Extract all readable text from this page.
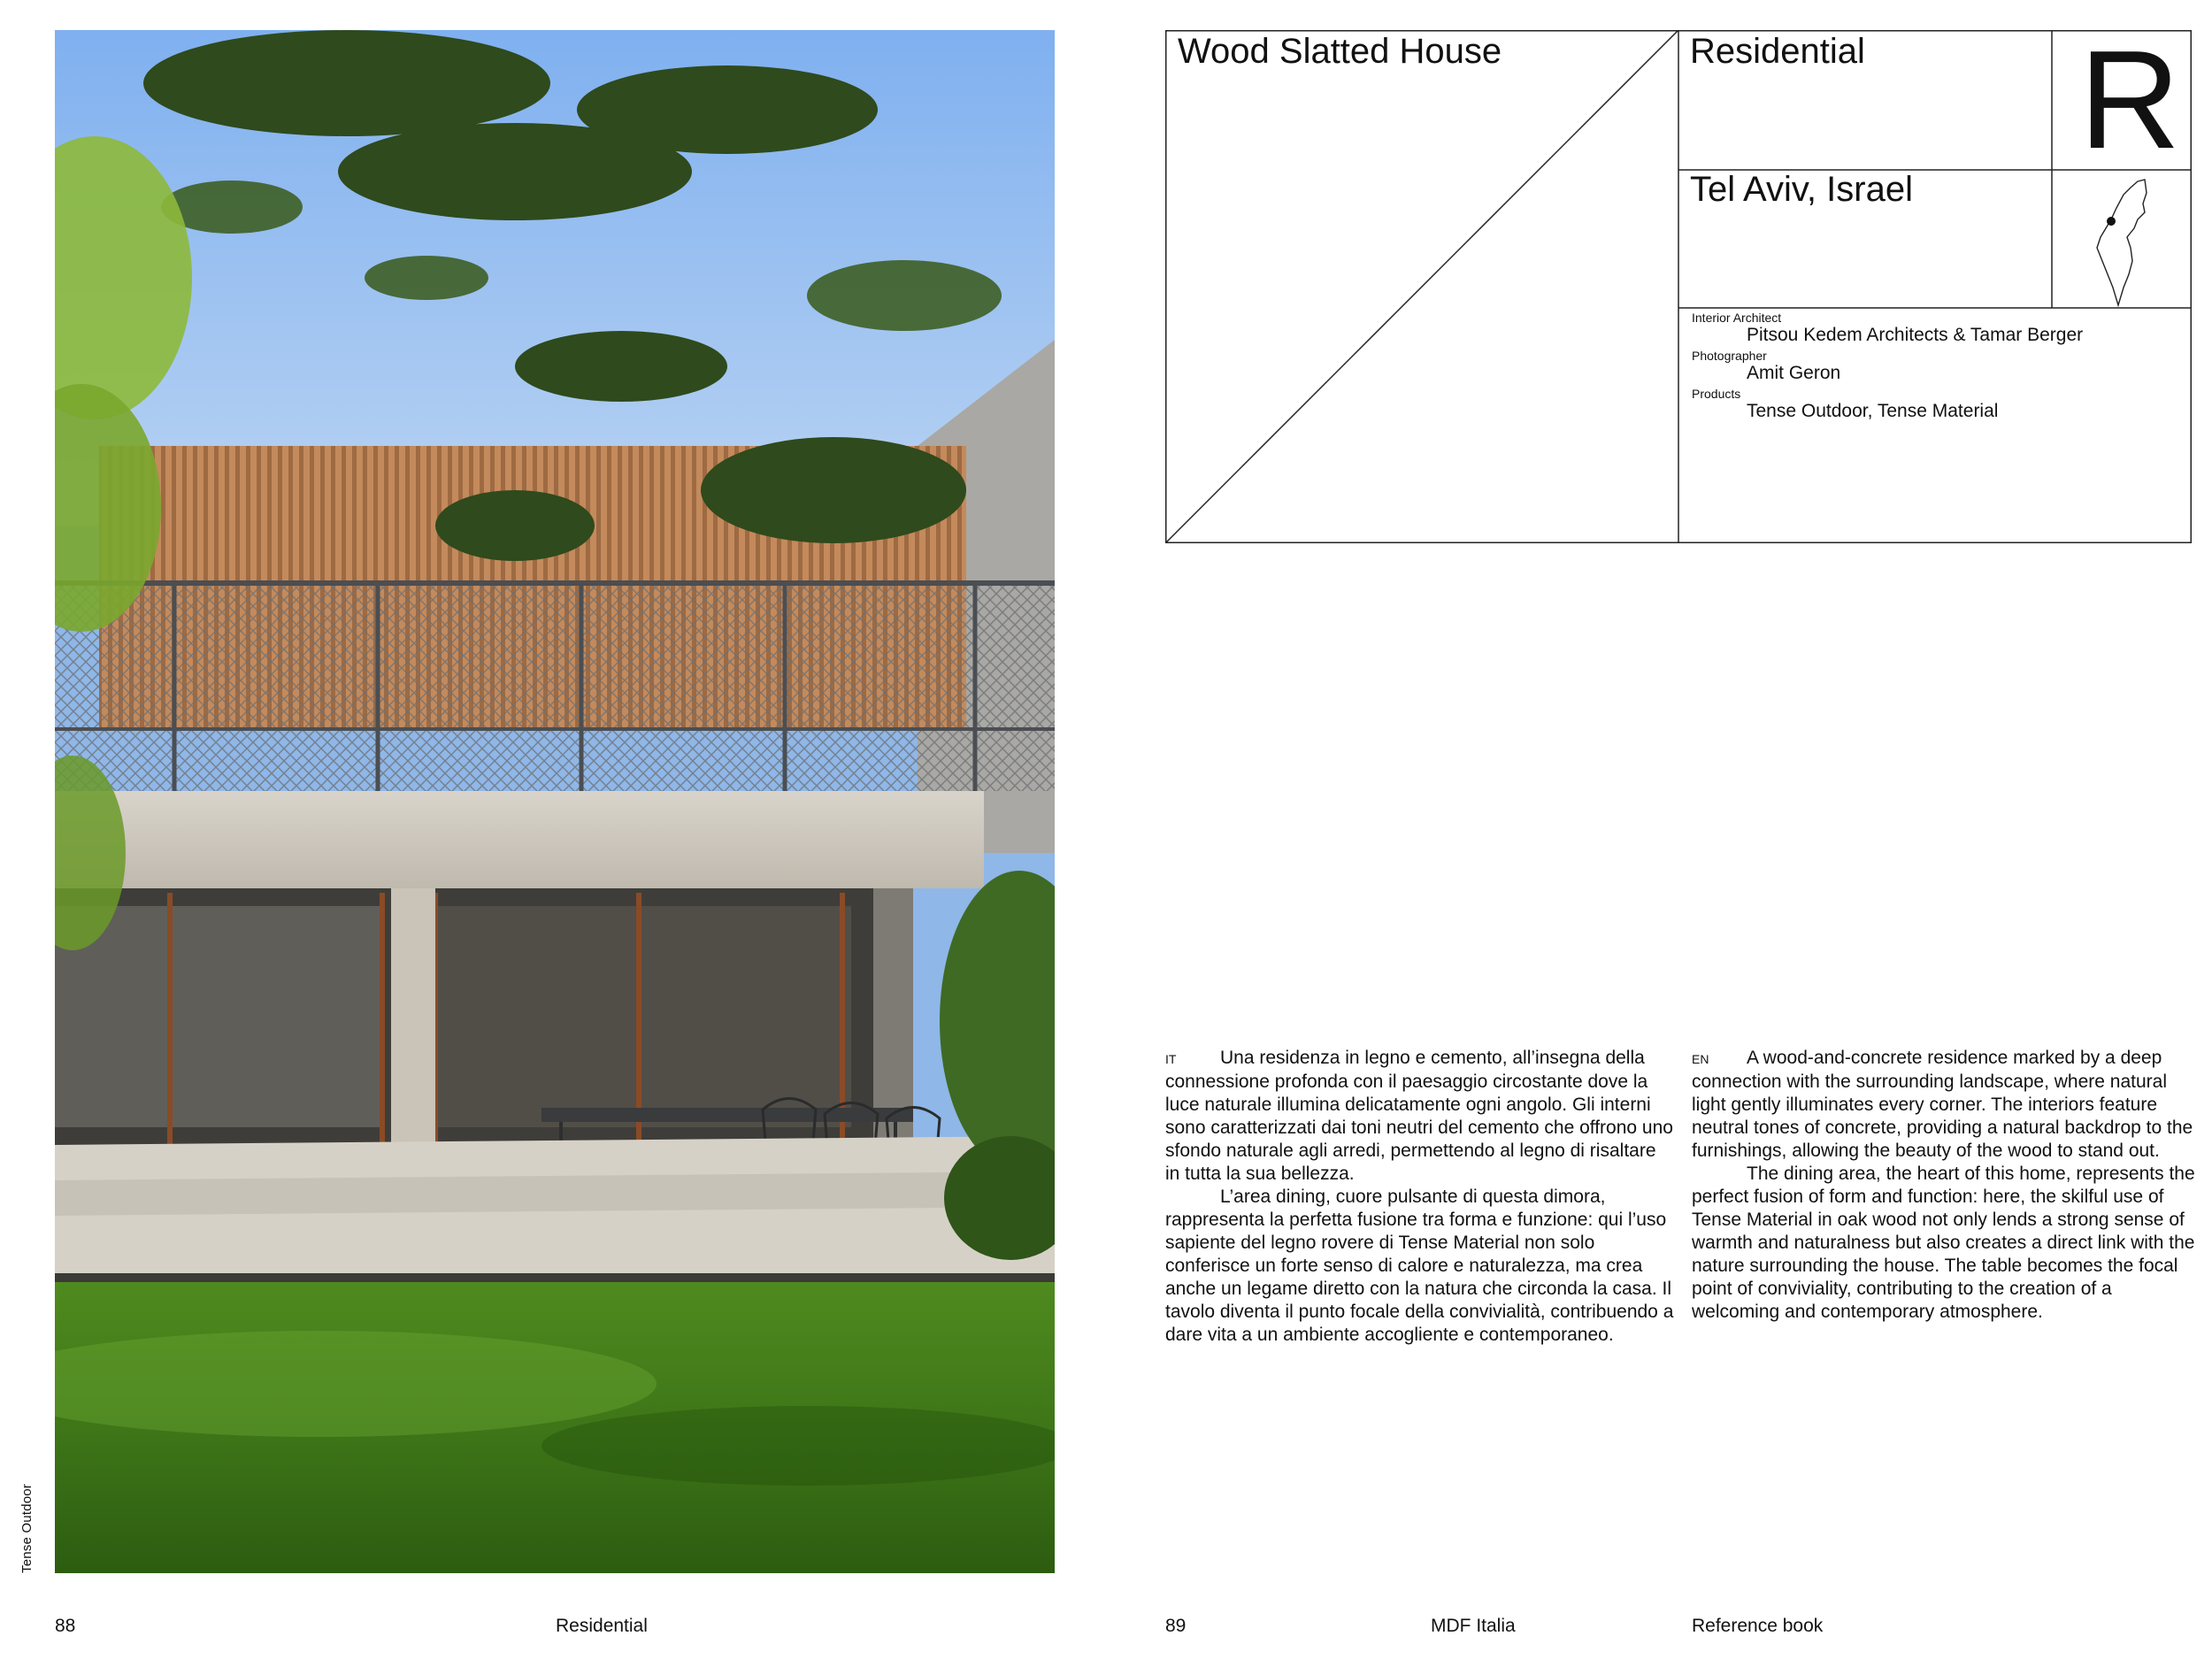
Tense Outdoor
88	Residential	89	MDF Italia	Reference book
Wood Slatted House	Residential R
Tel Aviv, Israel
Interior Architect
Pitsou Kedem Architects & Tamar Berger
Photographer
Amit Geron
Products
Tense Outdoor, Tense Material

IT Una residenza in legno e cemento, all’insegna della connessione profonda con il paesaggio circostante dove la luce naturale illumina delicatamente ogni angolo. Gli interni sono caratterizzati dai toni neutri del cemento che offrono uno sfondo naturale agli arredi, permettendo al legno di risaltare in tutta la sua bellezza.

L’area dining, cuore pulsante di questa dimora, rappresenta la perfetta fusione tra forma e funzione: qui l’uso sapiente del legno rovere di Tense Material non solo conferisce un forte senso di calore e naturalezza, ma crea anche un legame diretto con la natura che circonda la casa. Il tavolo diventa il punto focale della convivialità, contribuendo a dare vita a un ambiente accogliente e contemporaneo.

EN A wood-and-concrete residence marked by a deep connection with the surrounding landscape, where natural light gently illuminates every corner. The interiors feature neutral tones of concrete, providing a natural backdrop to the furnishings, allowing the beauty of the wood to stand out.

The dining area, the heart of this home, represents the perfect fusion of form and function: here, the skilful use of Tense Material in oak wood not only lends a strong sense of warmth and naturalness but also creates a direct link with the nature surrounding the house. The table becomes the focal point of conviviality, contributing to the creation of a welcoming and contemporary atmosphere.
